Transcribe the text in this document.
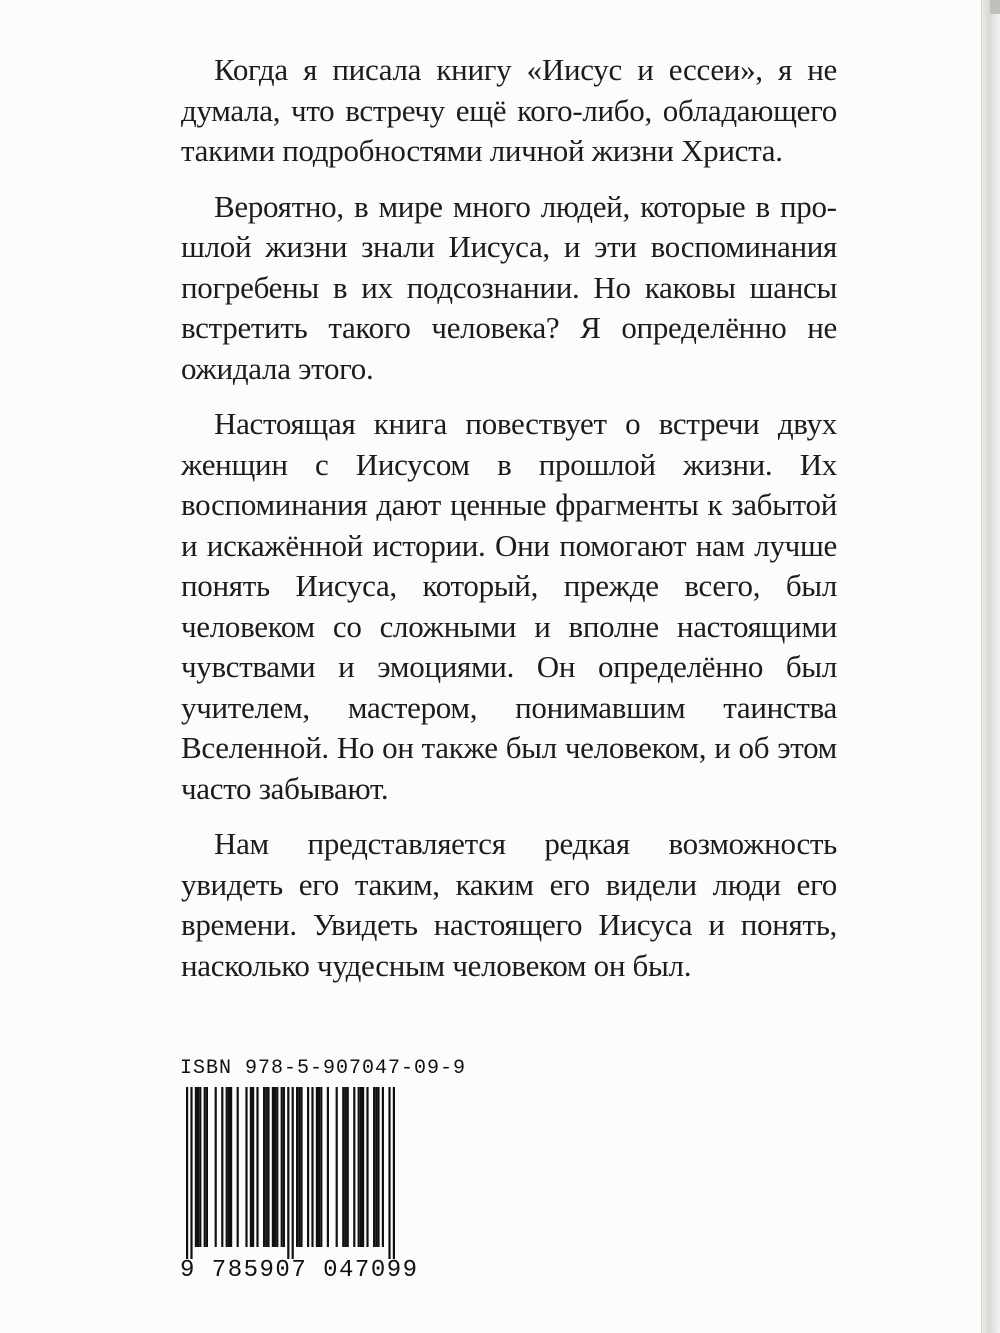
Когда я писала книгу «Иисус и ессеи», я не думала, что встречу ещё кого-либо, обладающего такими подробностями личной жизни Христа.

Вероятно, в мире много людей, которые в прошлой жизни знали Иисуса, и эти воспоминания погребены в их подсознании. Но каковы шансы встретить такого человека? Я определённо не ожидала этого.

Настоящая книга повествует о встречи двух женщин с Иисусом в прошлой жизни. Их воспоминания дают ценные фрагменты к забытой и искажённой истории. Они помогают нам лучше понять Иисуса, который, прежде всего, был человеком со сложными и вполне настоящими чувствами и эмоциями. Он определённо был учителем, мастером, понимавшим таинства Вселенной. Но он также был человеком, и об этом часто забывают.

Нам представляется редкая возможность увидеть его таким, каким его видели люди его времени. Увидеть настоящего Иисуса и понять, насколько чудесным человеком он был.

ISBN 978-5-907047-09-9
9 785907 047099
